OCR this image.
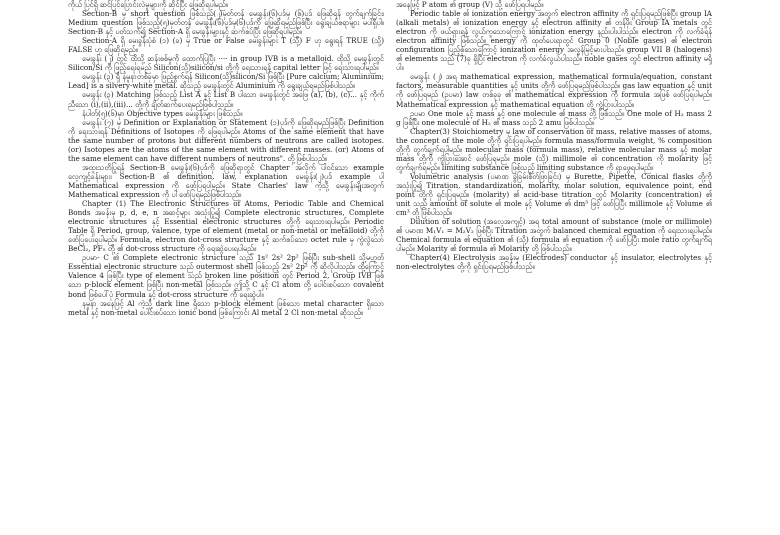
ကိုယ် ပြင်ရှိ ဆင်ပြင်ပြောင်းလဲမှုများကို ဆိုင်ပြီး ဖြေဆိုရပါမည်။

Section-B မှ short question ဖြစ်သည့်(၂)မှတ်တန် မေးခွန်း(၆)ပုဒ်မှ (၆)ပုဒ် ဖြေဆိုရန် တွက်ချက်ခြင်း၊ Medium question ဖြစ်သည့်(၅)မှတ်တန် မေးခွန်း(၆)ပုဒ်မှ(၆)ပုဒ်ကို ဖြေဆိုရမည်ဖြစ်ပြီး ရွေးချယ်စရာများ မပါရှိပါ။ Section-B နှင့် ပတ်သက်၍ Section-A ရှိ မေးခွန်းများနှင့် ဆက်စပ်ပြီး ဖြေဆိုရပါမည်။

Section-A ရှိ မေးခွန်းပုံစံ (၁) (ခ) မှ True or False မေးခွန်းများ T (သို့) F ဟု ရွေးရန် TRUE (သို့) FALSE ဟု ဖြေဆိုရမည်။

မေးခွန်း (၂) တွင် ထိုသို့ ဆန်းစစ်မှုကို ထောက်ပြပြီး ···· in group IVB is a metalloid. ထိုသို့ မေးခွန်းတွင် Silicon/Si ကို ဖြည့်ရေးရမည် Silicon(သို့)silicon/si တို့ကို ရေးသားရန် capital letter ဖြင့် ရေးသားရပါမည်။

မေးခွန်း (၃) ရှိ နမူနာတစ်ခုမှာ ဖြည့်စွက်ရန် Silicon(သို့)silicon/Si ဖြစ်ပြီး [Pure calcium; Aluminium; Lead] is a silvery-white metal. ဆိုသည့် မေးခွန်းတွင် Aluminium ကို ရွေးချယ်ရမည်ဖြစ်ပါသည်။

မေးခွန်း (၃) Matching ဖြစ်သည့် List A နှင့် List B ပါသော မေးခွန်းတွင် အဖြေ (a), (b), (c)... နှင့် ကိုက်ညီသော (i),(ii),(iii)... တို့ကို ချိတ်ဆက်ပေးရမည်ဖြစ်ပါသည်။

နံပါတ်(၅)(၆)မှာ Objective types မေးခွန်းများ ဖြစ်သည်။

မေးခွန်း (၇) မှ Definition or Explanation or Statement (၁)ပုဒ်ကို ဖြေဆိုရမည်ဖြစ်ပြီး Definition ကို ရေးသားရန် Definitions of Isotopes ကို ဖြေရပါမည်။ Atoms of the same element that have the same number of protons but different numbers of neutrons are called isotopes. (or) Isotopes are the atoms of the same element with different masses. (or) Atoms of the same element can have different numbers of neutrons". တို့ဖြစ်ပါသည်။

အထူးသတိပြုရန် Section-B မေးခွန်း(၆)ပုဒ်ကို ဖြေဆိုရာတွင် Chapter အလိုက် ပါဝင်သော example လေ့ကျင့်ခန်းများ၊ Section-B ၏ definition, law, explanation မေးခွန်း(၂)ပုဒ် example ပါ Mathematical expression ကို ဖော်ပြရပါမည်။ State Charles' law ကဲ့သို့ မေးခွန်းမျိုးအတွက် Mathematical expression ကို ပါ ဖော်ပြရမည်ဖြစ်ပါသည်။

Chapter (1) The Electronic Structures of Atoms, Periodic Table and Chemical Bonds အခန်းမှ p, d, e, n အဆင့်များ အသုံးပြု၍ Complete electronic structures, Complete electronic structures နှင့် Essential electronic structures တို့ကို ရေးသားရပါမည်။ Periodic Table ရှိ Period, group, valence, type of element (metal or non-metal or metalloid) တို့ကို ဖော်ပြပေးရပါမည်။ Formula, electron dot-cross structure နှင့် ဆက်စပ်သော octet rule မှ ကွဲလွဲသော BeCl₂, PF₅ တို့ ၏ dot-cross structure ကို ရေးဆွဲပေးရပါမည်။

ဥပမာ- C ၏ Complete electronic structure သည် 1s² 2s² 2p² ဖြစ်ပြီး sub-shell သို့မဟုတ် Essential electronic structure သည် outermost shell ဖြစ်သည့် 2s² 2p² ကို ဆိုလိုပါသည်။ ထို့ကြောင့် Valence 4 ဖြစ်ပြီး type of element သည် broken line position တွင် Period 2, Group IVB ဖြစ်သော p-block element ဖြစ်ပြီး non-metal ဖြစ်သည်။ ဤသို့ C နှင့် Cl atom တို့ ပေါင်းစပ်သော covalent bond ဖြစ်ပေါ်ပုံ Formula နှင့် dot-cross structure ကို ရေးဆွဲပါ။

နမူနာ အနေဖြင့် Al ကဲ့သို့ dark line ရှိသော p-block element ဖြစ်သော metal character ရှိသော metal နှင့် non-metal ပေါင်းစပ်သော ionic bond ဖြစ်ကြောင်း Al metal 2 Cl non-metal ဆိုသည်။

အနေဖြင့် P atom ၏ group (V) သို့ ဖော်ပြရပါမည်။

Periodic table ၏ ionization energy အတွက် electron affinity ကို ရှင်းပြရမည်ဖြစ်ပြီး group IA (alkali metals) ၏ ionization energy နှင့် electron affinity ၏ တန်ဖိုး Group IA metals တွင် electron ကို ဖယ်ရှားရန် လွယ်ကူသောကြောင့် ionization energy နည်းပါးပါသည်။ electron ကို လက်ခံရန် electron affinity ဖြစ်သည်။ energy ကို ထုတ်ပေးရာတွင် Group 0 (Noble gases) ၏ electron configuration ပြည့်စုံသောကြောင့် ionization energy အလွန်မြင့်မားပါသည်။ group VII B (halogens) ၏ elements သည် (7)ခု ရှိပြီး electron ကို လက်ခံလွယ်ပါသည်။ noble gases တွင် electron affinity မရှိပါ။

မေးခွန်း (၂) အရ mathematical expression, mathematical formula/equation, constant factors, measurable quantities နှင့် units တို့ကို ဖော်ပြရမည်ဖြစ်ပါသည်။ gas law equation နှင့် unit ကို ဖော်ပြရမည် (ဥပမာ) law တစ်ခုခု ၏ mathematical expression ကို formula အဖြစ် ဖော်ပြရပါမည်။ Mathematical expression နှင့် mathematical equation တို့ ကွဲပြားပါသည်။

ဥပမာ One mole နှင့် mass နှင့် one molecule ၏ mass တို့ ဖြစ်သည်။ One mole of H₂ mass 2 g ဖြစ်ပြီး one molecule of H₂ ၏ mass သည် 2 amu ဖြစ်ပါသည်။

Chapter(3) Stoichiometry မှ law of conservation of mass, relative masses of atoms, the concept of the mole တို့ကို ရှင်းပြရပါမည်။ formula mass/formula weight, % composition တို့ကို တွက်ချက်ရပါမည်။ molecular mass (formula mass), relative molecular mass နှင့် molar mass တို့ကို ကွဲပြားအောင် ဖော်ပြရမည်။ mole (သို့) millimole ၏ concentration ကို molarity ဖြင့် တွက်ချက်ရမည်။ limiting substance ဖြစ်သည့် limiting substance ကို ရှာဖွေရပါမည်။

Volumetric analysis (ပမာဏ ခွဲခြမ်းစိတ်ဖြာခြင်း) မှ Burette, Pipette, Conical flasks တို့ကို အသုံးပြု၍ Titration, standardization, molarity, molar solution, equivalence point, end point တို့ကို ရှင်းပြရမည်။ (molarity) ၏ acid-base titration တွင် Molarity (concentration) ၏ unit သည် amount of solute ၏ mole နှင့် Volume ၏ dm³ ဖြင့် ဖော်ပြပြီး millimole နှင့် Volume ၏ cm³ တို့ ဖြစ်ပါသည်။

Dilution of solution (အလေ့အကျင့်) အရ total amount of substance (mole or millimole) ၏ ပမာဏ M₁V₁ = M₂V₂ ဖြစ်ပြီး Titration အတွက် balanced chemical equation ကို ရေးသားရပါမည်။ Chemical formula ၏ equation ၏ (သို့) formula ၏ equation ကို ဖော်ပြပြီး mole ratio တွက်ချက်ရပါမည်။ Molarity ၏ formula ၏ Molarity တို့ ဖြစ်ပါသည်။

Chapter(4) Electrolysis အခန်းမှ (Electrodes) conductor နှင့် insulator, electrolytes နှင့် non-electrolytes တို့ကို ရှင်းပြရမည်ဖြစ်ပါသည်။
